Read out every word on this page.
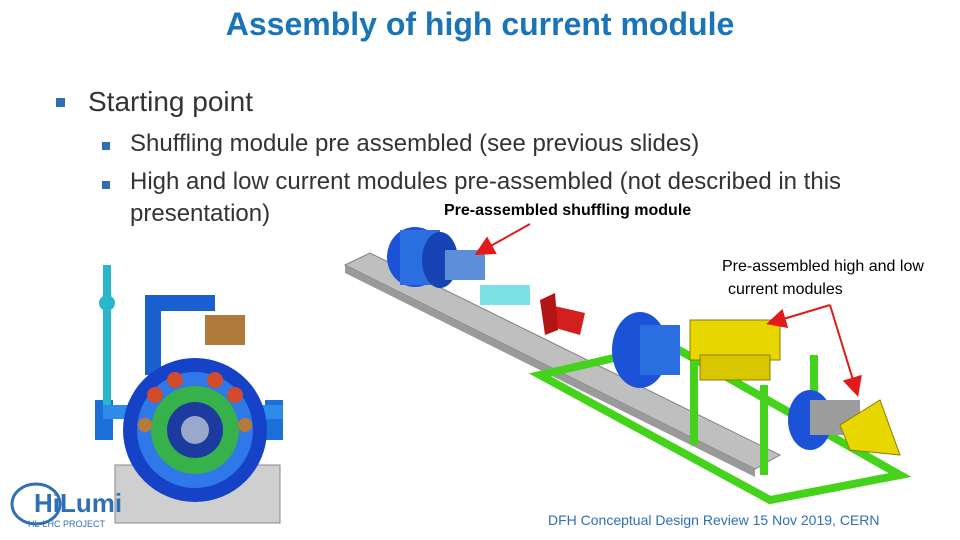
Assembly of high current module
Starting point
Shuffling module pre assembled (see previous slides)
High and low current modules pre-assembled (not described in this
presentation)	Pre-assembled shuffling module
Pre-assembled high and low
current modules
HiLumi
HL-LHC PROJECT	DFH Conceptual Design Review 15 Nov 2019, CERN
